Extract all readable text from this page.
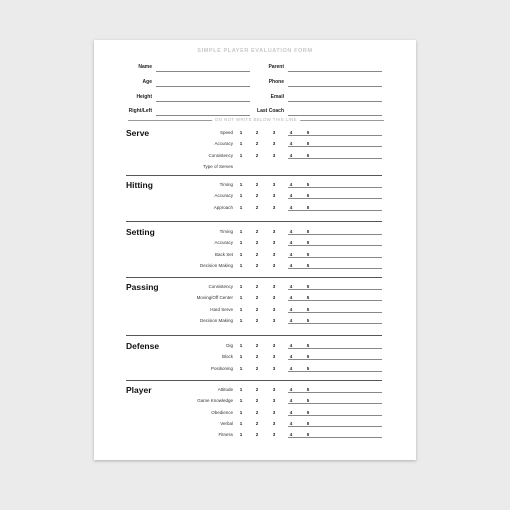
SIMPLE PLAYER EVALUATION FORM
Name
Age
Height
Right/Left
Parent
Phone
Email
Last Coach
DO NOT WRITE BELOW THIS LINE
Serve	Speed	1	2	3	4	5
Accuracy	1	2	3	4	5
Consistency	1	2	3	4	5
Type of Serves
Hitting	Timing	1	2	3	4	5
Accuracy	1	2	3	4	5
Approach	1	2	3	4	5
Setting	Timing	1	2	3	4	5
Accuracy	1	2	3	4	5
Back Set	1	2	3	4	5
Decision Making	1	2	3	4	5
Passing	Consistency	1	2	3	4	5
Moving/Off Center	1	2	3	4	5
Hard Serve	1	2	3	4	5
Decision Making	1	2	3	4	5
Defense	Dig	1	2	3	4	5
Block	1	2	3	4	5
Positioning	1	2	3	4	5
Player	Attitude	1	2	3	4	5
Game Knowledge	1	2	3	4	5
Obedience	1	2	3	4	5
Verbal	1	2	3	4	5
Fitness	1	2	3	4	5
